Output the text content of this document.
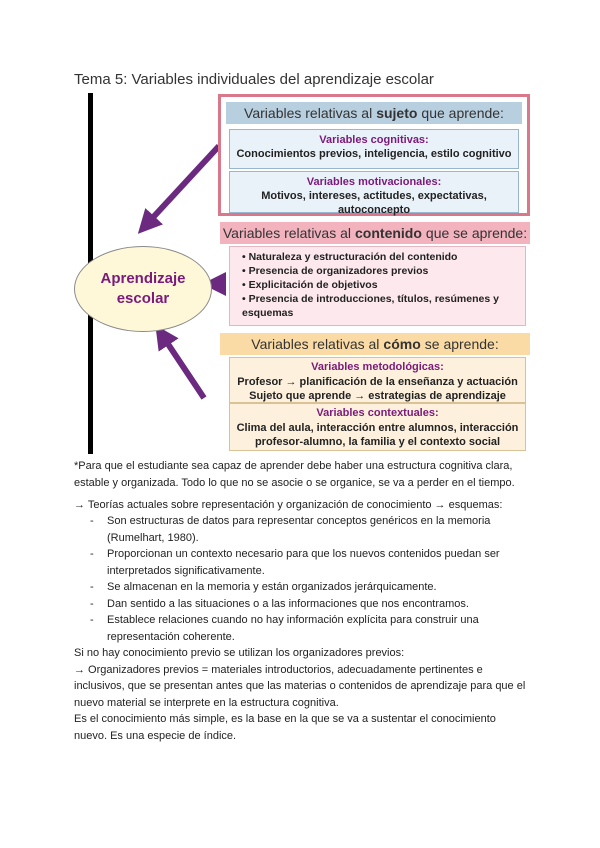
Tema 5: Variables individuales del aprendizaje escolar
Aprendizaje
escolar
Variables relativas al sujeto que aprende:
Variables cognitivas:
Conocimientos previos, inteligencia, estilo cognitivo
Variables motivacionales:
Motivos, intereses, actitudes, expectativas,
autoconcepto
Variables relativas al contenido que se aprende:
• Naturaleza y estructuración del contenido
• Presencia de organizadores previos
• Explicitación de objetivos
• Presencia de introducciones, títulos, resúmenes y esquemas
Variables relativas al cómo se aprende:
Variables metodológicas:
Profesor → planificación de la enseñanza y actuación
Sujeto que aprende → estrategias de aprendizaje
Variables contextuales:
Clima del aula, interacción entre alumnos, interacción
profesor-alumno, la familia y el contexto social

*Para que el estudiante sea capaz de aprender debe haber una estructura cognitiva clara, estable y organizada. Todo lo que no se asocie o se organice, se va a perder en el tiempo.

→ Teorías actuales sobre representación y organización de conocimiento → esquemas:

- Son estructuras de datos para representar conceptos genéricos en la memoria (Rumelhart, 1980).
- Proporcionan un contexto necesario para que los nuevos contenidos puedan ser interpretados significativamente.
- Se almacenan en la memoria y están organizados jerárquicamente.
- Dan sentido a las situaciones o a las informaciones que nos encontramos.
- Establece relaciones cuando no hay información explícita para construir una representación coherente.
Si no hay conocimiento previo se utilizan los organizadores previos:
→ Organizadores previos = materiales introductorios, adecuadamente pertinentes e inclusivos, que se presentan antes que las materias o contenidos de aprendizaje para que el nuevo material se interprete en la estructura cognitiva.
Es el conocimiento más simple, es la base en la que se va a sustentar el conocimiento nuevo. Es una especie de índice.
